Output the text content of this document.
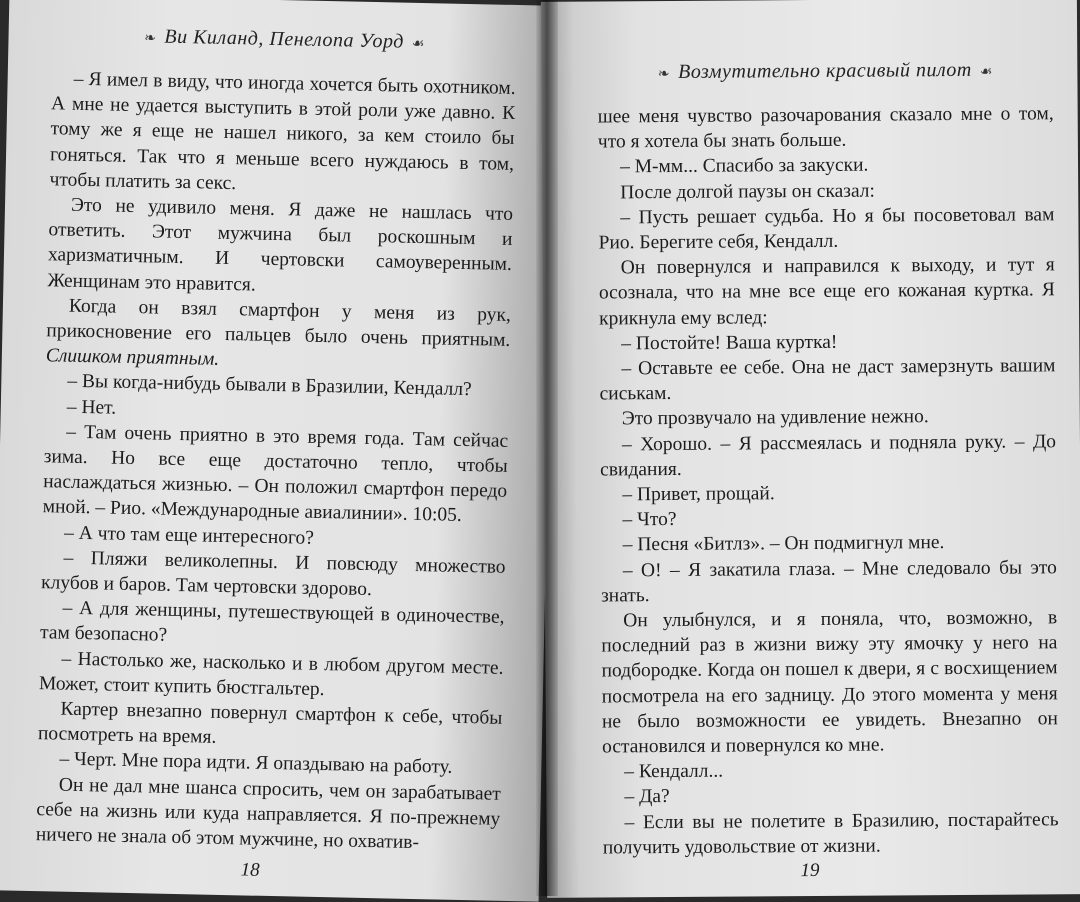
❧ Ви Киланд, Пенелопа Уорд ☙

– Я имел в виду, что иногда хочется быть охотником. А мне не удается выступить в этой роли уже давно. К тому же я еще не нашел никого, за кем стоило бы гоняться. Так что я меньше всего нуждаюсь в том, чтобы платить за секс.

Это не удивило меня. Я даже не нашлась что ответить. Этот мужчина был роскошным и харизматичным. И чертовски самоуверенным. Женщинам это нравится.

Когда он взял смартфон у меня из рук, прикосновение его пальцев было очень приятным. Слишком приятным.

– Вы когда-нибудь бывали в Бразилии, Кендалл?

– Нет.

– Там очень приятно в это время года. Там сейчас зима. Но все еще достаточно тепло, чтобы наслаждаться жизнью. – Он положил смартфон передо мной. – Рио. «Международные авиалинии». 10:05.

– А что там еще интересного?

– Пляжи великолепны. И повсюду множество клубов и баров. Там чертовски здорово.

– А для женщины, путешествующей в одиночестве, там безопасно?

– Настолько же, насколько и в любом другом месте. Может, стоит купить бюстгальтер.

Картер внезапно повернул смартфон к себе, чтобы посмотреть на время.

– Черт. Мне пора идти. Я опаздываю на работу.

Он не дал мне шанса спросить, чем он зарабатывает себе на жизнь или куда направляется. Я по-прежнему ничего не знала об этом мужчине, но охватив-

18
❧ Возмутительно красивый пилот ☙

шее меня чувство разочарования сказало мне о том, что я хотела бы знать больше.

– М-мм... Спасибо за закуски.

После долгой паузы он сказал:

– Пусть решает судьба. Но я бы посоветовал вам Рио. Берегите себя, Кендалл.

Он повернулся и направился к выходу, и тут я осознала, что на мне все еще его кожаная куртка. Я крикнула ему вслед:

– Постойте! Ваша куртка!

– Оставьте ее себе. Она не даст замерзнуть вашим сиськам.

Это прозвучало на удивление нежно.

– Хорошо. – Я рассмеялась и подняла руку. – До свидания.

– Привет, прощай.

– Что?

– Песня «Битлз». – Он подмигнул мне.

– О! – Я закатила глаза. – Мне следовало бы это знать.

Он улыбнулся, и я поняла, что, возможно, в последний раз в жизни вижу эту ямочку у него на подбородке. Когда он пошел к двери, я с восхищением посмотрела на его задницу. До этого момента у меня не было возможности ее увидеть. Внезапно он остановился и повернулся ко мне.

– Кендалл...

– Да?

– Если вы не полетите в Бразилию, постарайтесь получить удовольствие от жизни.

19
